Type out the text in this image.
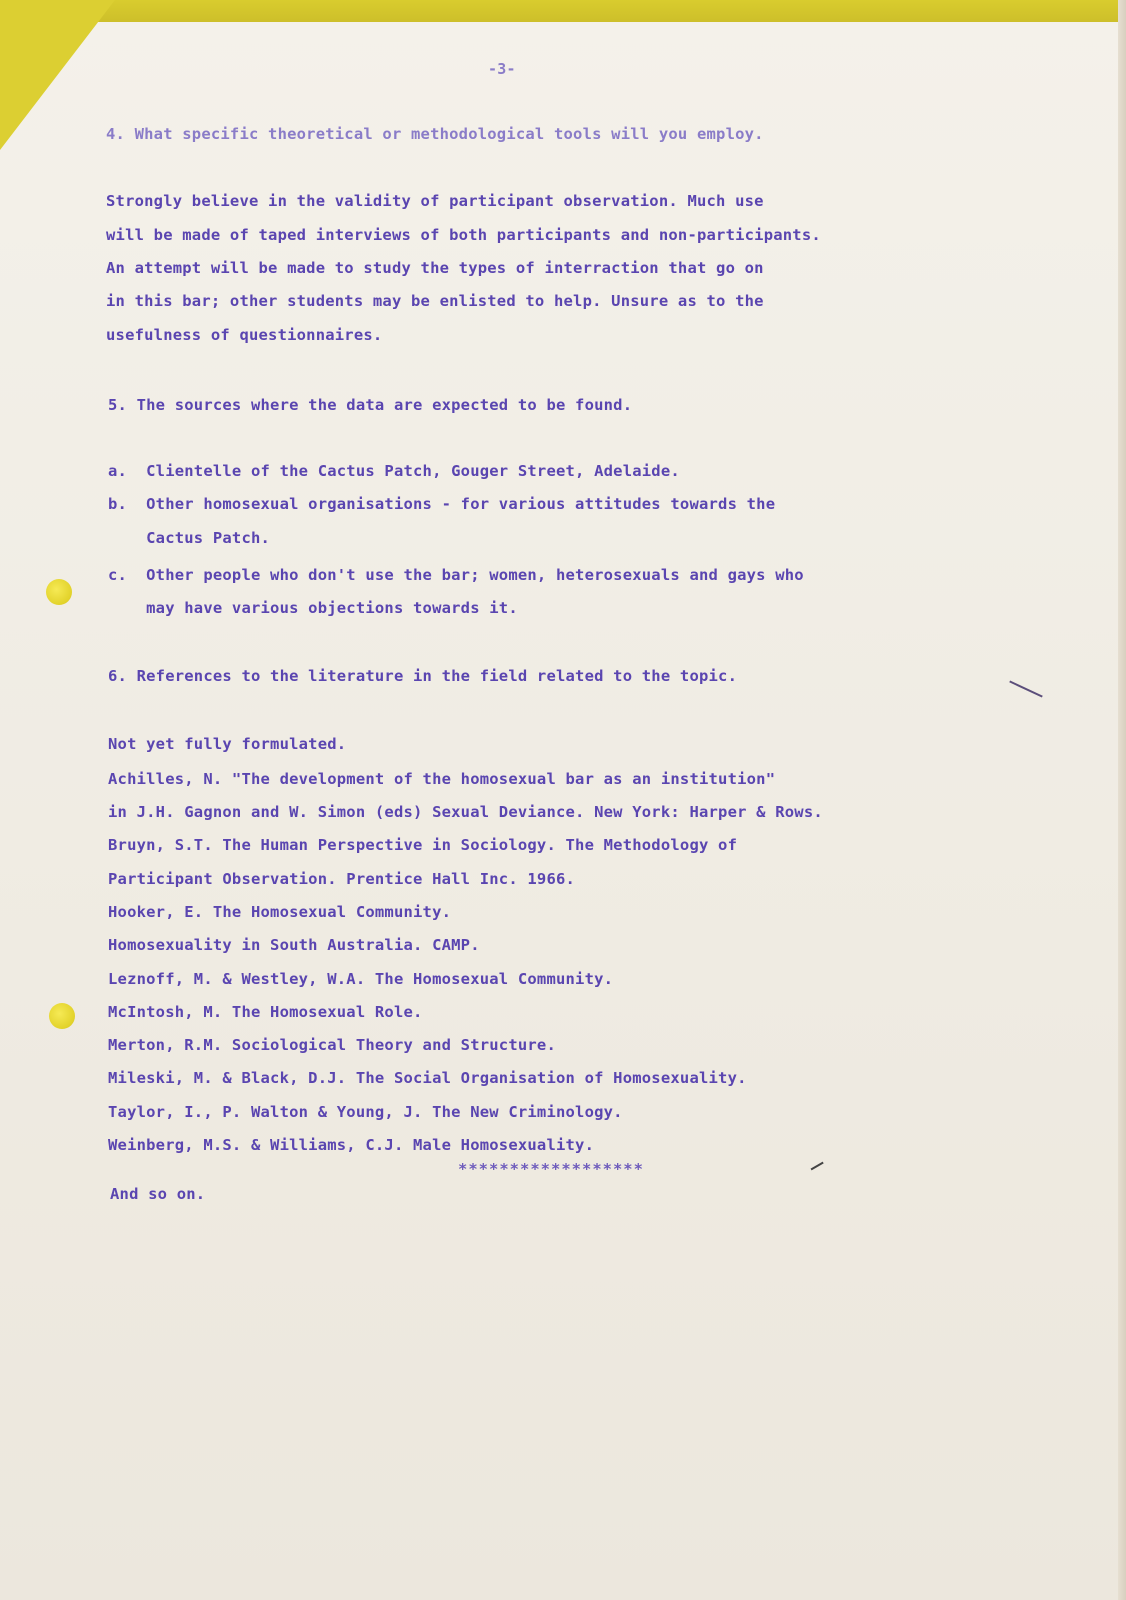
-3-
4. What specific theoretical or methodological tools will you employ.
Strongly believe in the validity of participant observation. Much use
will be made of taped interviews of both participants and non-participants.
An attempt will be made to study the types of interraction that go on
in this bar; other students may be enlisted to help. Unsure as to the
usefulness of questionnaires.
5. The sources where the data are expected to be found.
a.  Clientelle of the Cactus Patch, Gouger Street, Adelaide.
b.  Other homosexual organisations - for various attitudes towards the
Cactus Patch.
c.  Other people who don't use the bar; women, heterosexuals and gays who
may have various objections towards it.
6. References to the literature in the field related to the topic.
Not yet fully formulated.
Achilles, N. "The development of the homosexual bar as an institution"
in J.H. Gagnon and W. Simon (eds) Sexual Deviance. New York: Harper & Rows.
Bruyn, S.T. The Human Perspective in Sociology. The Methodology of
Participant Observation. Prentice Hall Inc. 1966.
Hooker, E. The Homosexual Community.
Homosexuality in South Australia. CAMP.
Leznoff, M. & Westley, W.A. The Homosexual Community.
McIntosh, M. The Homosexual Role.
Merton, R.M. Sociological Theory and Structure.
Mileski, M. & Black, D.J. The Social Organisation of Homosexuality.
Taylor, I., P. Walton & Young, J. The New Criminology.
Weinberg, M.S. & Williams, C.J. Male Homosexuality.
And so on.
******************
